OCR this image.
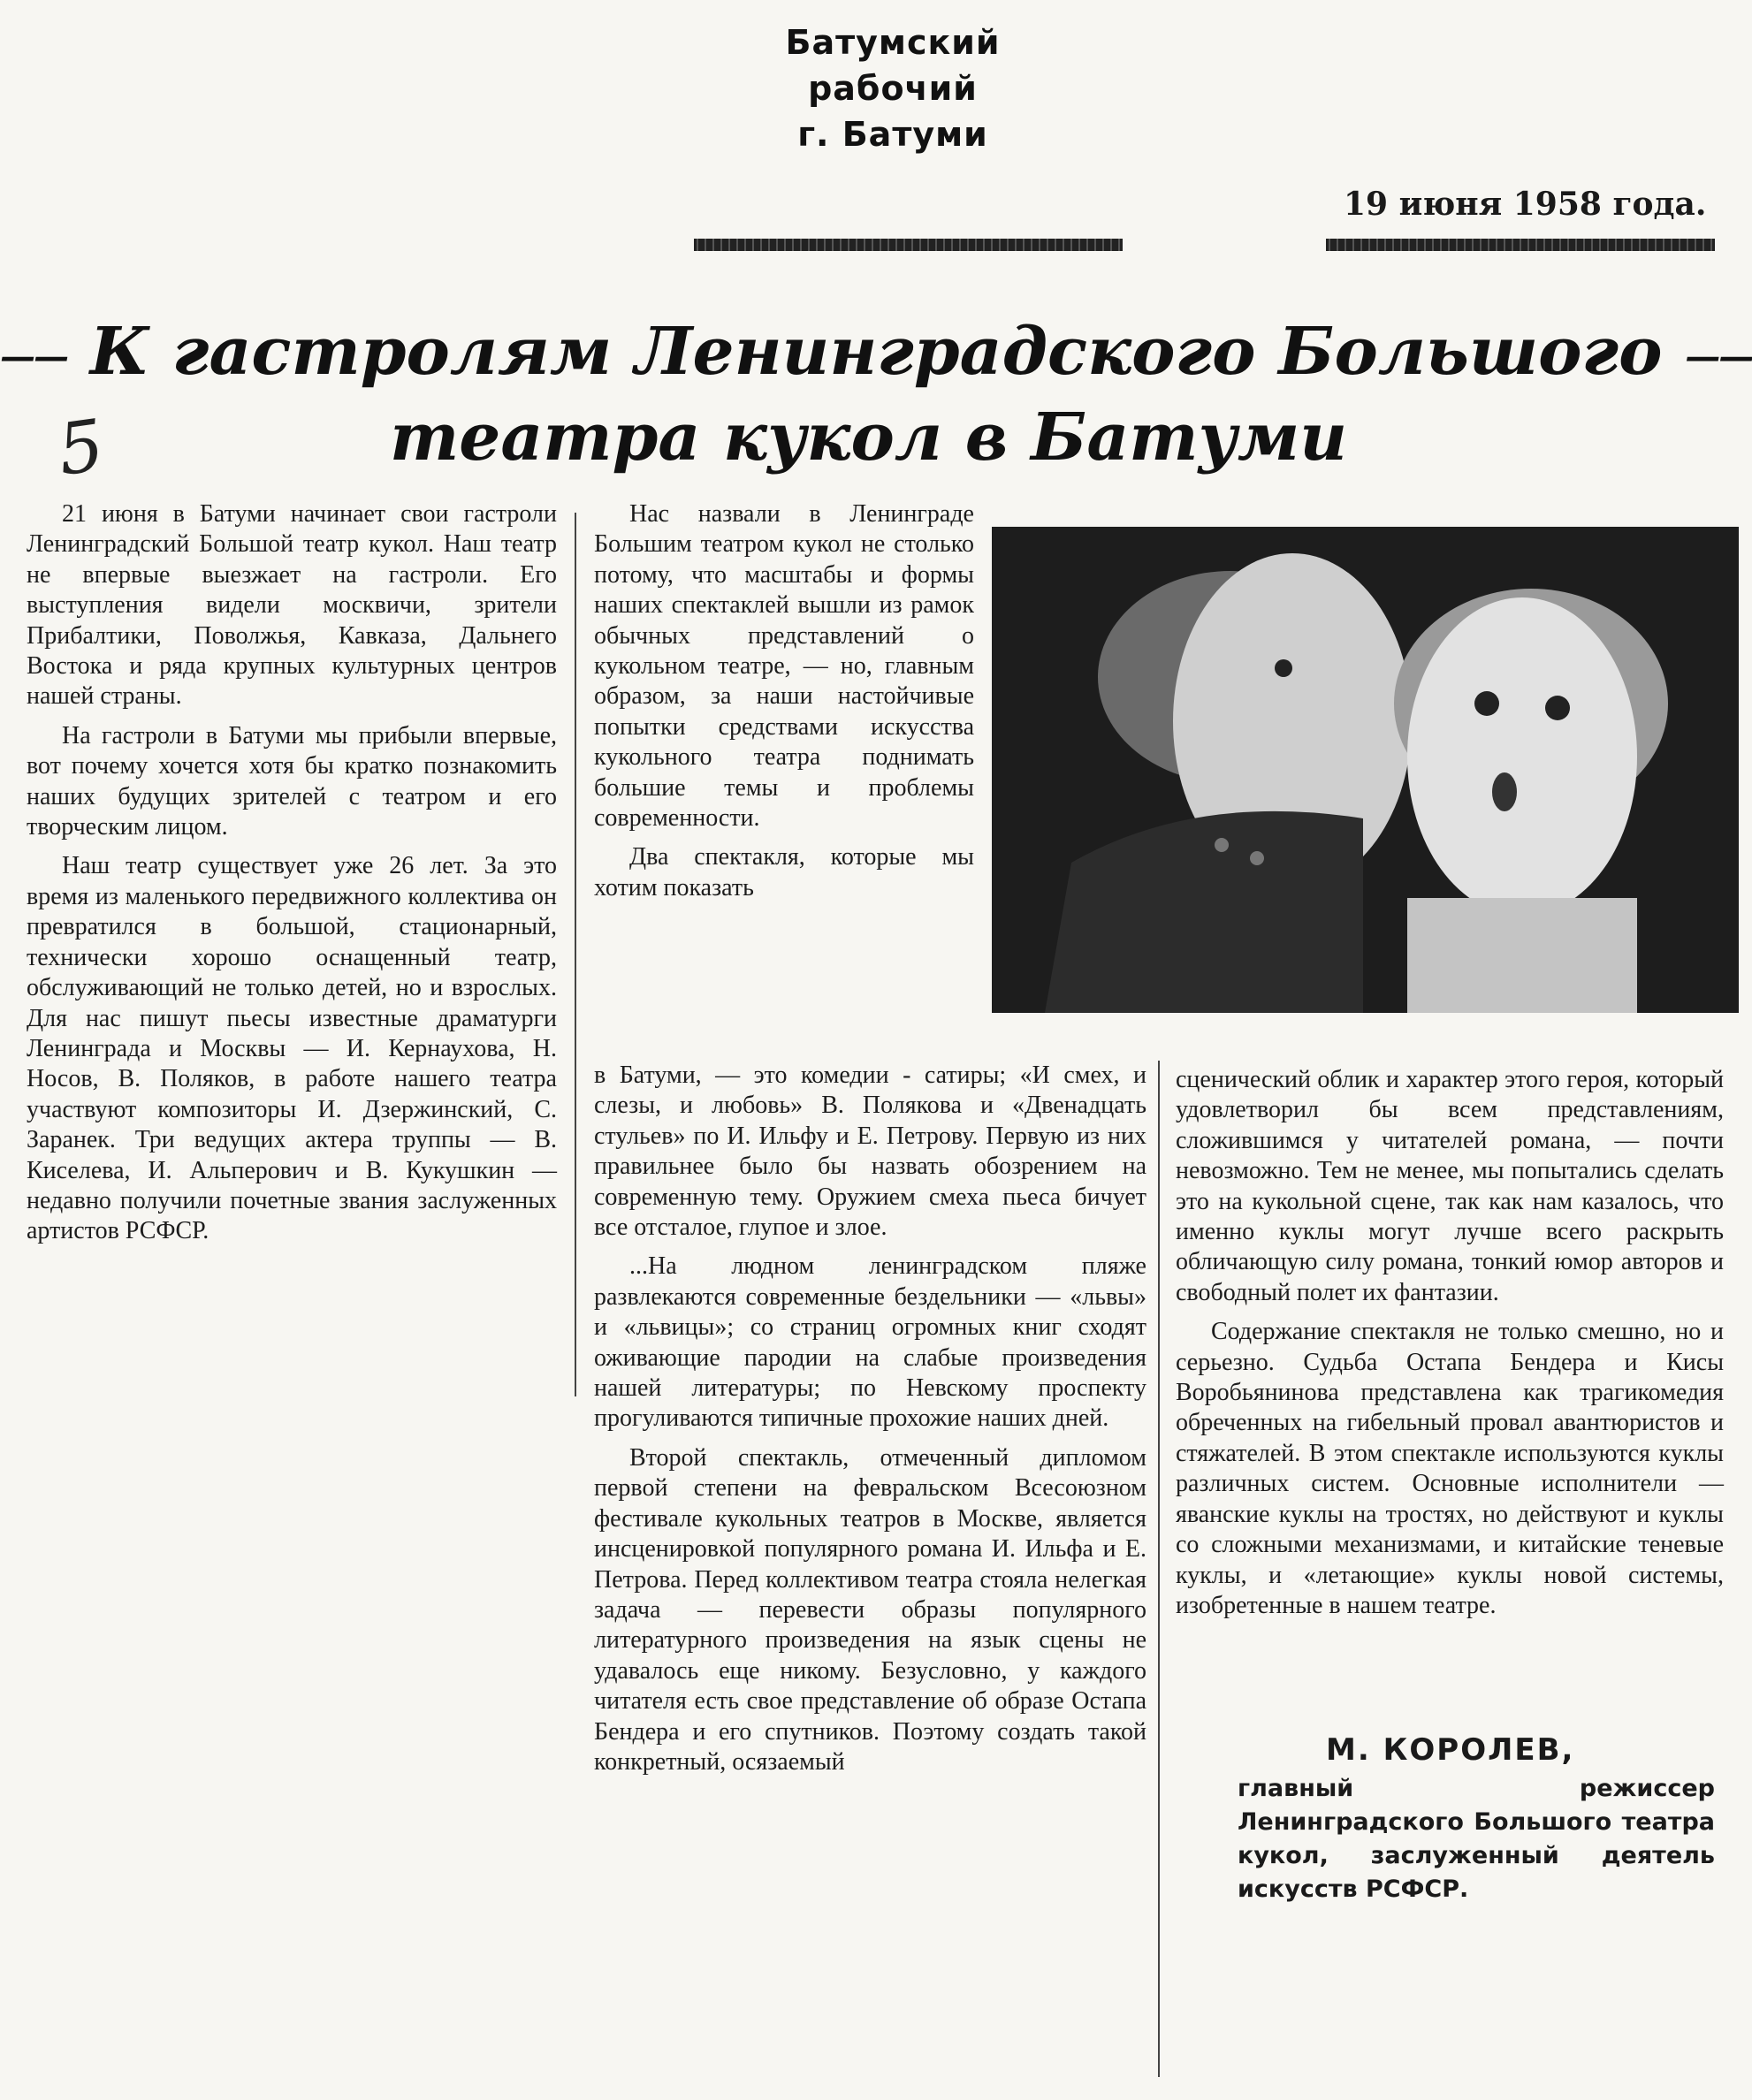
Батумский рабочий
г. Батуми
19 июня 1958 года.
—— К гастролям Ленинградского Большого ——
театра кукол в Батуми
5

21 июня в Батуми начинает свои гастроли Ленинградский Большой театр кукол. Наш театр не впервые выезжает на гастроли. Его выступления видели москвичи, зрители Прибалтики, Поволжья, Кавказа, Дальнего Востока и ряда крупных культурных центров нашей страны.

На гастроли в Батуми мы прибыли впервые, вот почему хочется хотя бы кратко познакомить наших будущих зрителей с театром и его творческим лицом.

Наш театр существует уже 26 лет. За это время из маленького передвижного коллектива он превратился в большой, стационарный, технически хорошо оснащенный театр, обслуживающий не только детей, но и взрослых. Для нас пишут пьесы известные драматурги Ленинграда и Москвы — И. Кернаухова, Н. Носов, В. Поляков, в работе нашего театра участвуют композиторы И. Дзержинский, С. Заранек. Три ведущих актера труппы — В. Киселева, И. Альперович и В. Кукушкин — недавно получили почетные звания заслуженных артистов РСФСР.

Нас назвали в Ленинграде Большим театром кукол не столько потому, что масштабы и формы наших спектаклей вышли из рамок обычных представлений о кукольном театре, — но, главным образом, за наши настойчивые попытки средствами искусства кукольного театра поднимать большие темы и проблемы современности.

Два спектакля, которые мы хотим показать

в Батуми, — это комедии - сатиры; «И смех, и слезы, и любовь» В. Полякова и «Двенадцать стульев» по И. Ильфу и Е. Петрову. Первую из них правильнее было бы назвать обозрением на современную тему. Оружием смеха пьеса бичует все отсталое, глупое и злое.

...На людном ленинградском пляже развлекаются современные бездельники — «львы» и «львицы»; со страниц огромных книг сходят оживающие пародии на слабые произведения нашей литературы; по Невскому проспекту прогуливаются типичные прохожие наших дней.

Второй спектакль, отмеченный дипломом первой степени на февральском Всесоюзном фестивале кукольных театров в Москве, является инсценировкой популярного романа И. Ильфа и Е. Петрова. Перед коллективом театра стояла нелегкая задача — перевести образы популярного литературного произведения на язык сцены не удавалось еще никому. Безусловно, у каждого читателя есть свое представление об образе Остапа Бендера и его спутников. Поэтому создать такой конкретный, осязаемый

сценический облик и характер этого героя, который удовлетворил бы всем представлениям, сложившимся у читателей романа, — почти невозможно. Тем не менее, мы попытались сделать это на кукольной сцене, так как нам казалось, что именно куклы могут лучше всего раскрыть обличающую силу романа, тонкий юмор авторов и свободный полет их фантазии.

Содержание спектакля не только смешно, но и серьезно. Судьба Остапа Бендера и Кисы Воробьянинова представлена как трагикомедия обреченных на гибельный провал авантюристов и стяжателей. В этом спектакле используются куклы различных систем. Основные исполнители — яванские куклы на тростях, но действуют и куклы со сложными механизмами, и китайские теневые куклы, и «летающие» куклы новой системы, изобретенные в нашем театре.

М. КОРОЛЕВ,
главный режиссер Ленинградского Большого театра кукол, заслуженный деятель искусств РСФСР.
